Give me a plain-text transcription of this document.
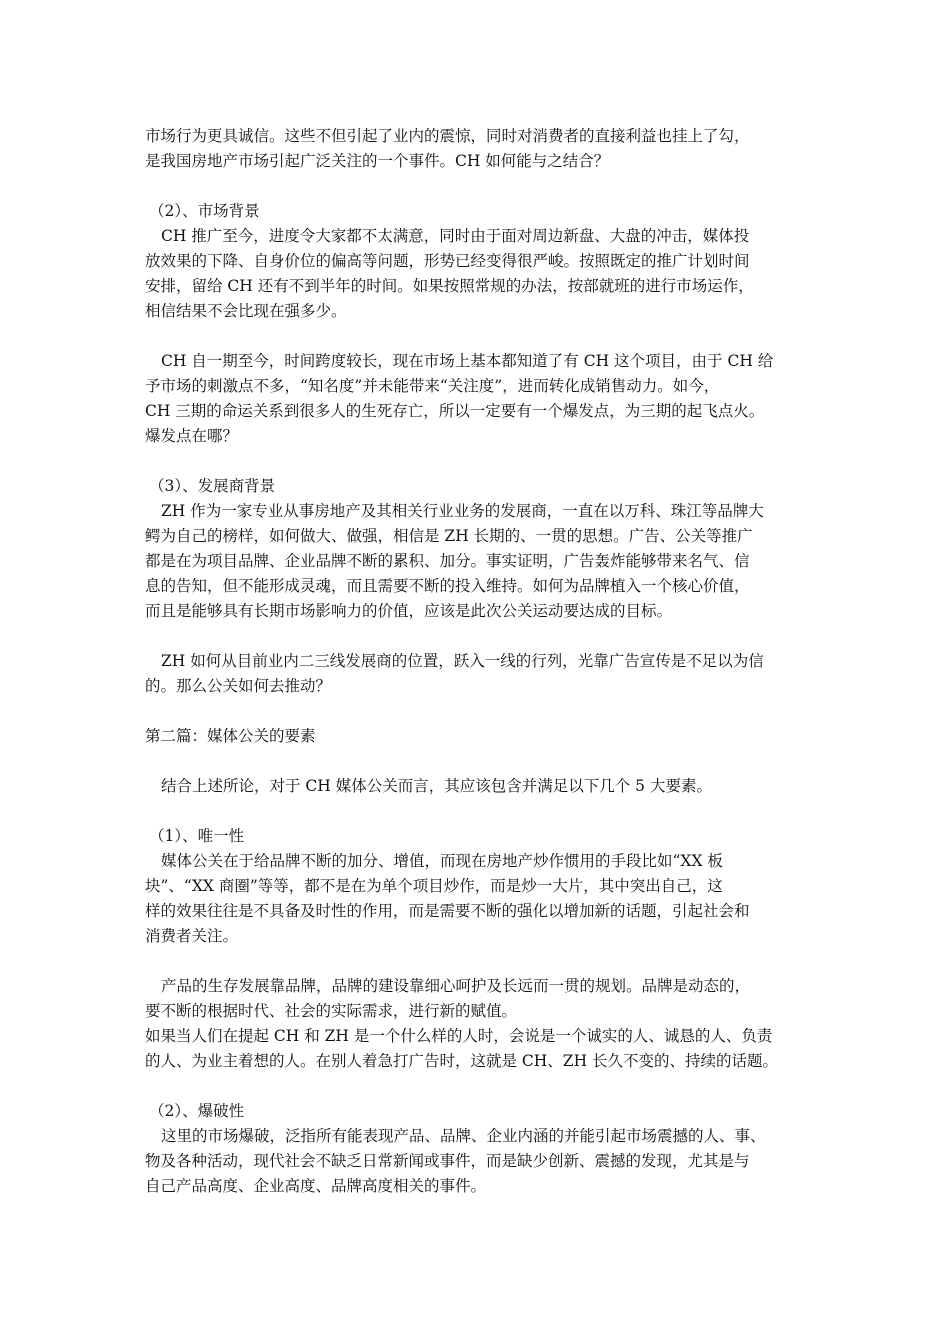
市场行为更具诚信。这些不但引起了业内的震惊，同时对消费者的直接利益也挂上了勾，
是我国房地产市场引起广泛关注的一个事件。CH 如何能与之结合？
（2）、市场背景
CH 推广至今，进度令大家都不太满意，同时由于面对周边新盘、大盘的冲击，媒体投
放效果的下降、自身价位的偏高等问题，形势已经变得很严峻。按照既定的推广计划时间
安排，留给 CH 还有不到半年的时间。如果按照常规的办法，按部就班的进行市场运作，
相信结果不会比现在强多少。
CH 自一期至今，时间跨度较长，现在市场上基本都知道了有 CH 这个项目，由于 CH 给
予市场的刺激点不多，“知名度”并未能带来“关注度”，进而转化成销售动力。如今，
CH 三期的命运关系到很多人的生死存亡，所以一定要有一个爆发点，为三期的起飞点火。
爆发点在哪？
（3）、发展商背景
ZH 作为一家专业从事房地产及其相关行业业务的发展商，一直在以万科、珠江等品牌大
鳄为自己的榜样，如何做大、做强，相信是 ZH 长期的、一贯的思想。广告、公关等推广
都是在为项目品牌、企业品牌不断的累积、加分。事实证明，广告轰炸能够带来名气、信
息的告知，但不能形成灵魂，而且需要不断的投入维持。如何为品牌植入一个核心价值，
而且是能够具有长期市场影响力的价值，应该是此次公关运动要达成的目标。
ZH 如何从目前业内二三线发展商的位置，跃入一线的行列，光靠广告宣传是不足以为信
的。那么公关如何去推动？
第二篇：媒体公关的要素
结合上述所论，对于 CH 媒体公关而言，其应该包含并满足以下几个 5 大要素。
（1）、唯一性
媒体公关在于给品牌不断的加分、增值，而现在房地产炒作惯用的手段比如“XX 板
块”、“XX 商圈”等等，都不是在为单个项目炒作，而是炒一大片，其中突出自己，这
样的效果往往是不具备及时性的作用，而是需要不断的强化以增加新的话题，引起社会和
消费者关注。
产品的生存发展靠品牌，品牌的建设靠细心呵护及长远而一贯的规划。品牌是动态的，
要不断的根据时代、社会的实际需求，进行新的赋值。
如果当人们在提起 CH 和 ZH 是一个什么样的人时，会说是一个诚实的人、诚恳的人、负责
的人、为业主着想的人。在别人着急打广告时，这就是 CH、ZH 长久不变的、持续的话题。
（2）、爆破性
这里的市场爆破，泛指所有能表现产品、品牌、企业内涵的并能引起市场震撼的人、事、
物及各种活动，现代社会不缺乏日常新闻或事件，而是缺少创新、震撼的发现，尤其是与
自己产品高度、企业高度、品牌高度相关的事件。
